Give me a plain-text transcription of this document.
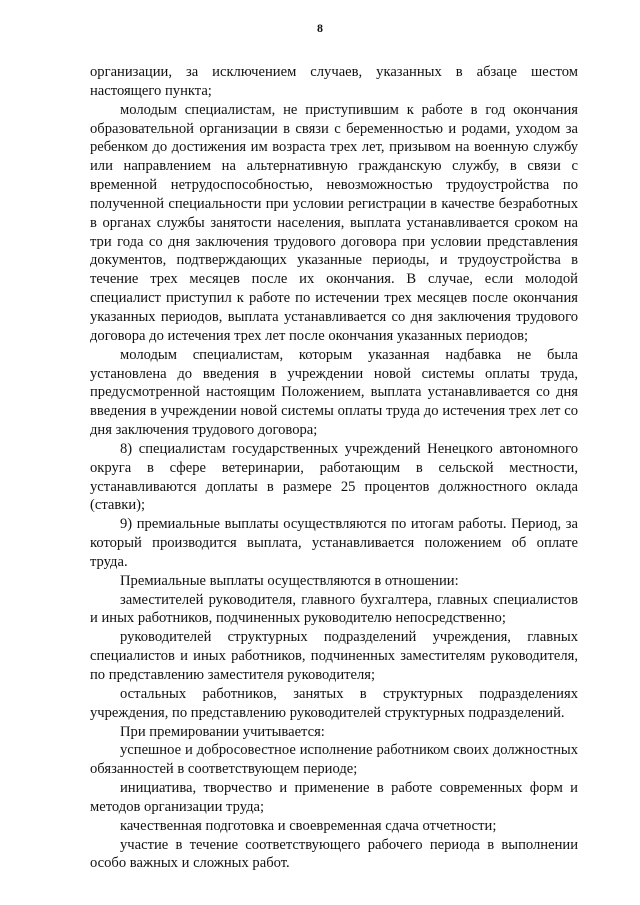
8

организации, за исключением случаев, указанных в абзаце шестом настоящего пункта;

молодым специалистам, не приступившим к работе в год окончания образовательной организации в связи с беременностью и родами, уходом за ребенком до достижения им возраста трех лет, призывом на военную службу или направлением на альтернативную гражданскую службу, в связи с временной нетрудоспособностью, невозможностью трудоустройства по полученной специальности при условии регистрации в качестве безработных в органах службы занятости населения, выплата устанавливается сроком на три года со дня заключения трудового договора при условии представления документов, подтверждающих указанные периоды, и трудоустройства в течение трех месяцев после их окончания. В случае, если молодой специалист приступил к работе по истечении трех месяцев после окончания указанных периодов, выплата устанавливается со дня заключения трудового договора до истечения трех лет после окончания указанных периодов;

молодым специалистам, которым указанная надбавка не была установлена до введения в учреждении новой системы оплаты труда, предусмотренной настоящим Положением, выплата устанавливается со дня введения в учреждении новой системы оплаты труда до истечения трех лет со дня заключения трудового договора;

8) специалистам государственных учреждений Ненецкого автономного округа в сфере ветеринарии, работающим в сельской местности, устанавливаются доплаты в размере 25 процентов должностного оклада (ставки);

9) премиальные выплаты осуществляются по итогам работы. Период, за который производится выплата, устанавливается положением об оплате труда.

Премиальные выплаты осуществляются в отношении:

заместителей руководителя, главного бухгалтера, главных специалистов и иных работников, подчиненных руководителю непосредственно;

руководителей структурных подразделений учреждения, главных специалистов и иных работников, подчиненных заместителям руководителя, по представлению заместителя руководителя;

остальных работников, занятых в структурных подразделениях учреждения, по представлению руководителей структурных подразделений.

При премировании учитывается:

успешное и добросовестное исполнение работником своих должностных обязанностей в соответствующем периоде;

инициатива, творчество и применение в работе современных форм и методов организации труда;

качественная подготовка и своевременная сдача отчетности;

участие в течение соответствующего рабочего периода в выполнении особо важных и сложных работ.
